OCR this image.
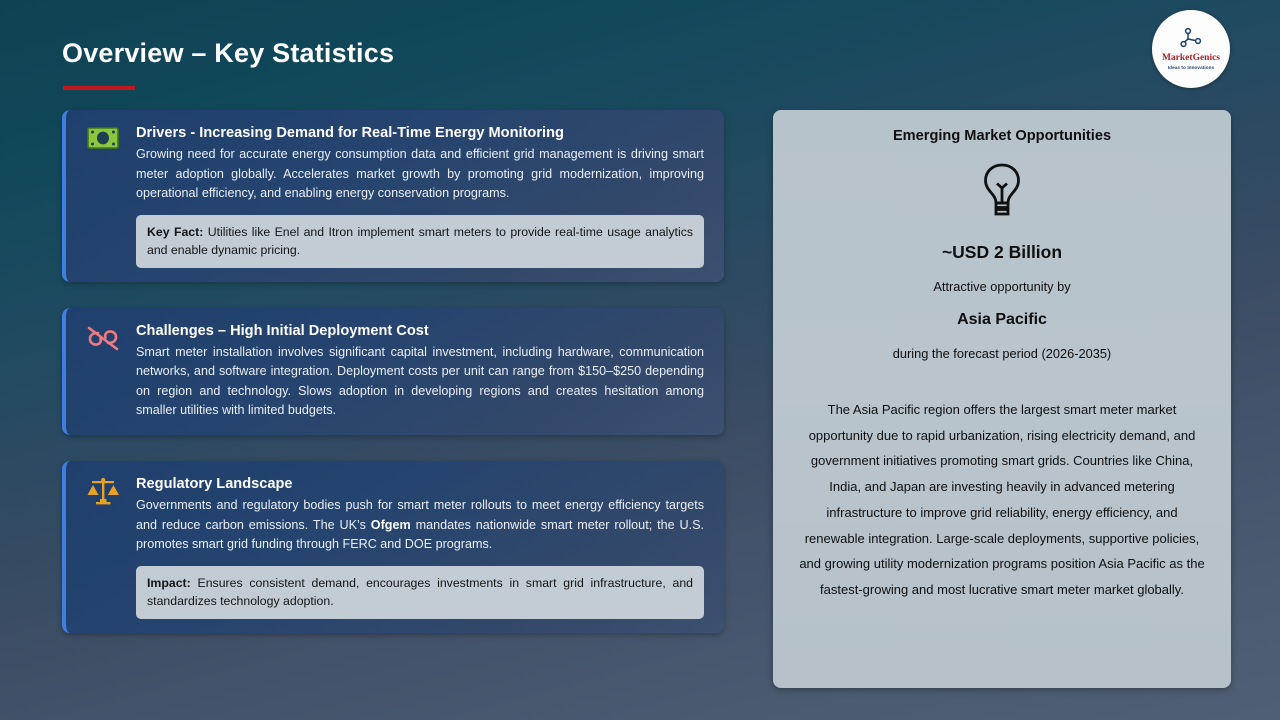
Overview – Key Statistics	MarketGenics
Ideas to Innovations
Drivers - Increasing Demand for Real-Time Energy Monitoring
Growing need for accurate energy consumption data and efficient grid management is driving smart meter adoption globally. Accelerates market growth by promoting grid modernization, improving operational efficiency, and enabling energy conservation programs.
Key Fact: Utilities like Enel and Itron implement smart meters to provide real-time usage analytics and enable dynamic pricing.
Challenges – High Initial Deployment Cost
Smart meter installation involves significant capital investment, including hardware, communication networks, and software integration. Deployment costs per unit can range from $150–$250 depending on region and technology. Slows adoption in developing regions and creates hesitation among smaller utilities with limited budgets.
Regulatory Landscape
Governments and regulatory bodies push for smart meter rollouts to meet energy efficiency targets and reduce carbon emissions. The UK’s Ofgem mandates nationwide smart meter rollout; the U.S. promotes smart grid funding through FERC and DOE programs.
Impact: Ensures consistent demand, encourages investments in smart grid infrastructure, and standardizes technology adoption.
Emerging Market Opportunities
~USD 2 Billion
Attractive opportunity by
Asia Pacific
during the forecast period (2026-2035)
The Asia Pacific region offers the largest smart meter market opportunity due to rapid urbanization, rising electricity demand, and government initiatives promoting smart grids. Countries like China, India, and Japan are investing heavily in advanced metering infrastructure to improve grid reliability, energy efficiency, and renewable integration. Large-scale deployments, supportive policies, and growing utility modernization programs position Asia Pacific as the fastest-growing and most lucrative smart meter market globally.
